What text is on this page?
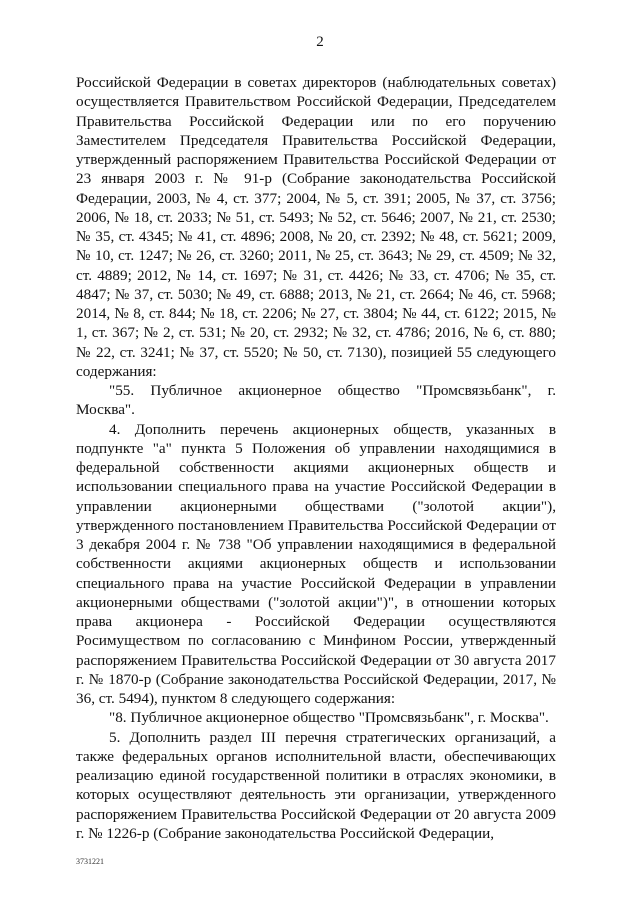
2

Российской Федерации в советах директоров (наблюдательных советах) осуществляется Правительством Российской Федерации, Председателем Правительства Российской Федерации или по его поручению Заместителем Председателя Правительства Российской Федерации, утвержденный распоряжением Правительства Российской Федерации от 23 января 2003 г. № 91-р (Собрание законодательства Российской Федерации, 2003, № 4, ст. 377; 2004, № 5, ст. 391; 2005, № 37, ст. 3756; 2006, № 18, ст. 2033; № 51, ст. 5493; № 52, ст. 5646; 2007, № 21, ст. 2530; № 35, ст. 4345; № 41, ст. 4896; 2008, № 20, ст. 2392; № 48, ст. 5621; 2009, № 10, ст. 1247; № 26, ст. 3260; 2011, № 25, ст. 3643; № 29, ст. 4509; № 32, ст. 4889; 2012, № 14, ст. 1697; № 31, ст. 4426; № 33, ст. 4706; № 35, ст. 4847; № 37, ст. 5030; № 49, ст. 6888; 2013, № 21, ст. 2664; № 46, ст. 5968; 2014, № 8, ст. 844; № 18, ст. 2206; № 27, ст. 3804; № 44, ст. 6122; 2015, № 1, ст. 367; № 2, ст. 531; № 20, ст. 2932; № 32, ст. 4786; 2016, № 6, ст. 880; № 22, ст. 3241; № 37, ст. 5520; № 50, ст. 7130), позицией 55 следующего содержания:

"55. Публичное акционерное общество "Промсвязьбанк", г. Москва".

4. Дополнить перечень акционерных обществ, указанных в подпункте "а" пункта 5 Положения об управлении находящимися в федеральной собственности акциями акционерных обществ и использовании специального права на участие Российской Федерации в управлении акционерными обществами ("золотой акции"), утвержденного постановлением Правительства Российской Федерации от 3 декабря 2004 г. № 738 "Об управлении находящимися в федеральной собственности акциями акционерных обществ и использовании специального права на участие Российской Федерации в управлении акционерными обществами ("золотой акции")", в отношении которых права акционера - Российской Федерации осуществляются Росимуществом по согласованию с Минфином России, утвержденный распоряжением Правительства Российской Федерации от 30 августа 2017 г. № 1870-р (Собрание законодательства Российской Федерации, 2017, № 36, ст. 5494), пунктом 8 следующего содержания:

"8. Публичное акционерное общество "Промсвязьбанк", г. Москва".

5. Дополнить раздел III перечня стратегических организаций, а также федеральных органов исполнительной власти, обеспечивающих реализацию единой государственной политики в отраслях экономики, в которых осуществляют деятельность эти организации, утвержденного распоряжением Правительства Российской Федерации от 20 августа 2009 г. № 1226-р (Собрание законодательства Российской Федерации,

3731221
